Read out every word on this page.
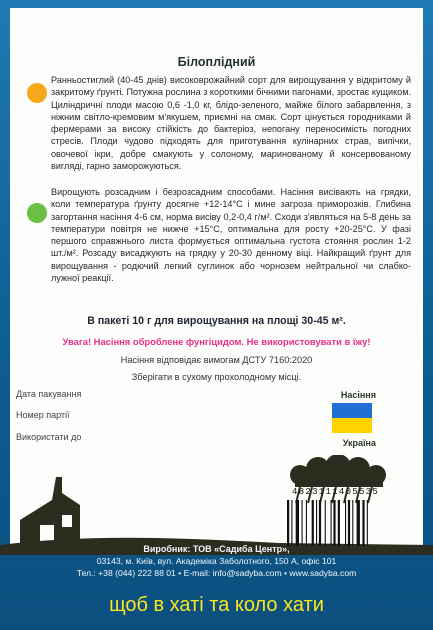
Білоплідний
Ранньостиглий (40-45 днів) високоврожайний сорт для вирощування у відкритому й закритому ґрунті. Потужна рослина з короткими бічними пагонами, зростає кущиком. Циліндричні плоди масою 0,6 -1,0 кг, блідо-зеленого, майже білого забарвлення, з ніжним світло-кремовим м'якушем, приємні на смак. Сорт цінується городниками й фермерами за високу стійкість до бактеріоз, непогану переносимість погодних стресів. Плоди чудово підходять для приготування кулінарних страв, випічки, овочевої ікри, добре смакують у солоному, маринованому й консервованому вигляді, гарно заморожуються.
Вирощують розсадним і безрозсадним способами. Насіння висівають на грядки, коли температура ґрунту досягне +12-14°С і мине загроза приморозків. Глибина загортання насіння 4-6 см, норма висіву 0,2-0,4 г/м². Сходи з'являться на 5-8 день за температури повітря не нижче +15°С, оптимальна для росту +20-25°С. У фазі першого справжнього листа формується оптимальна густота стояння рослин 1-2 шт./м². Розсаду висаджують на грядку у 20-30 денному віці. Найкращий ґрунт для вирощування - родючий легкий суглинок або чорнозем нейтральної чи слабко-лужної реакції.
В пакеті 10 г для вирощування на площі 30-45 м².
Увага! Насіння оброблене фунгіцидом. Не використовувати в їжу!
Насіння відповідає вимогам ДСТУ 7160:2020
Зберігати в сухому прохолодному місці.
Дата пакування
Номер партії
Використати до
Насіння
Україна
4823111405535
Виробник: ТОВ «Садиба Центр»,
03143, м. Київ, вул. Академіка Заболотного, 150 А, офіс 101
Тел.: +38 (044) 222 88 01 • E-mail: info@sadyba.com • www.sadyba.com
щоб в хаті та коло хати
